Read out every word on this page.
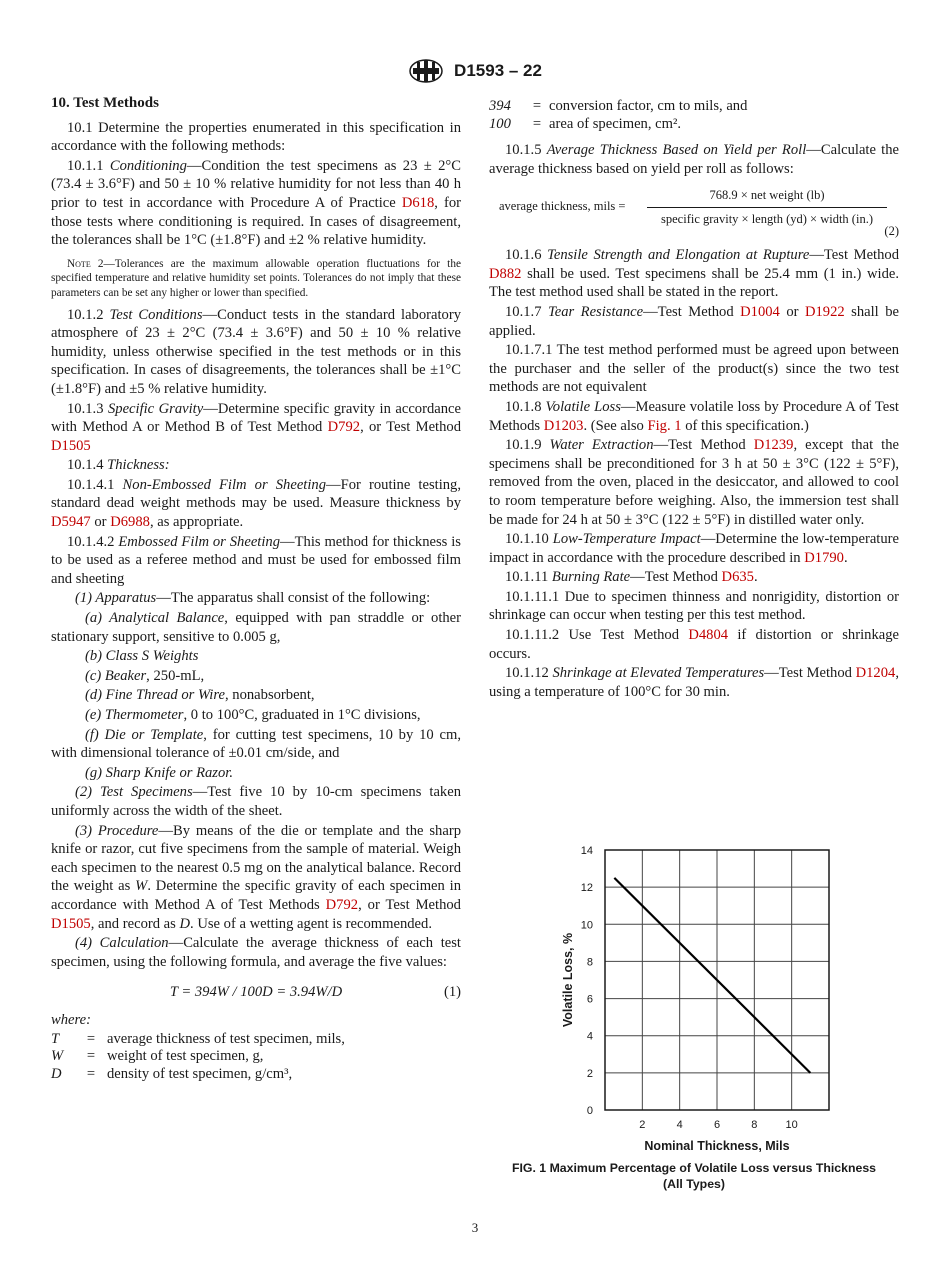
D1593 – 22

10. Test Methods

10.1 Determine the properties enumerated in this specification in accordance with the following methods:

10.1.1 Conditioning—Condition the test specimens as 23 ± 2°C (73.4 ± 3.6°F) and 50 ± 10 % relative humidity for not less than 40 h prior to test in accordance with Procedure A of Practice D618, for those tests where conditioning is required. In cases of disagreement, the tolerances shall be 1°C (±1.8°F) and ±2 % relative humidity.

Note 2—Tolerances are the maximum allowable operation fluctuations for the specified temperature and relative humidity set points. Tolerances do not imply that these parameters can be set any higher or lower than specified.

10.1.2 Test Conditions—Conduct tests in the standard laboratory atmosphere of 23 ± 2°C (73.4 ± 3.6°F) and 50 ± 10 % relative humidity, unless otherwise specified in the test methods or in this specification. In cases of disagreements, the tolerances shall be ±1°C (±1.8°F) and ±5 % relative humidity.

10.1.3 Specific Gravity—Determine specific gravity in accordance with Method A or Method B of Test Method D792, or Test Method D1505

10.1.4 Thickness:

10.1.4.1 Non-Embossed Film or Sheeting—For routine testing, standard dead weight methods may be used. Measure thickness by D5947 or D6988, as appropriate.

10.1.4.2 Embossed Film or Sheeting—This method for thickness is to be used as a referee method and must be used for embossed film and sheeting

(1) Apparatus—The apparatus shall consist of the following:

(a) Analytical Balance, equipped with pan straddle or other stationary support, sensitive to 0.005 g,

(b) Class S Weights

(c) Beaker, 250-mL,

(d) Fine Thread or Wire, nonabsorbent,

(e) Thermometer, 0 to 100°C, graduated in 1°C divisions,

(f) Die or Template, for cutting test specimens, 10 by 10 cm, with dimensional tolerance of ±0.01 cm/side, and

(g) Sharp Knife or Razor.

(2) Test Specimens—Test five 10 by 10-cm specimens taken uniformly across the width of the sheet.

(3) Procedure—By means of the die or template and the sharp knife or razor, cut five specimens from the sample of material. Weigh each specimen to the nearest 0.5 mg on the analytical balance. Record the weight as W. Determine the specific gravity of each specimen in accordance with Method A of Test Methods D792, or Test Method D1505, and record as D. Use of a wetting agent is recommended.

(4) Calculation—Calculate the average thickness of each test specimen, using the following formula, and average the five values:

T = 394W / 100D = 3.94W/D	(1)

where:

T	=	average thickness of test specimen, mils,
W	=	weight of test specimen, g,
D	=	density of test specimen, g/cm³,
394	=	conversion factor, cm to mils, and
100	=	area of specimen, cm².

10.1.5 Average Thickness Based on Yield per Roll—Calculate the average thickness based on yield per roll as follows:

average thickness, mils =
768.9 × net weight (lb)
specific gravity × length (yd) × width (in.)
(2)

10.1.6 Tensile Strength and Elongation at Rupture—Test Method D882 shall be used. Test specimens shall be 25.4 mm (1 in.) wide. The test method used shall be stated in the report.

10.1.7 Tear Resistance—Test Method D1004 or D1922 shall be applied.

10.1.7.1 The test method performed must be agreed upon between the purchaser and the seller of the product(s) since the two test methods are not equivalent

10.1.8 Volatile Loss—Measure volatile loss by Procedure A of Test Methods D1203. (See also Fig. 1 of this specification.)

10.1.9 Water Extraction—Test Method D1239, except that the specimens shall be preconditioned for 3 h at 50 ± 3°C (122 ± 5°F), removed from the oven, placed in the desiccator, and allowed to cool to room temperature before weighing. Also, the immersion test shall be made for 24 h at 50 ± 3°C (122 ± 5°F) in distilled water only.

10.1.10 Low-Temperature Impact—Determine the low-temperature impact in accordance with the procedure described in D1790.

10.1.11 Burning Rate—Test Method D635.

10.1.11.1 Due to specimen thinness and nonrigidity, distortion or shrinkage can occur when testing per this test method.

10.1.11.2 Use Test Method D4804 if distortion or shrinkage occurs.

10.1.12 Shrinkage at Elevated Temperatures—Test Method D1204, using a temperature of 100°C for 30 min.

0
2
4
6
8
10
12
14
2	4	6	8	10
Nominal Thickness, Mils
Volatile Loss, %
FIG. 1 Maximum Percentage of Volatile Loss versus Thickness
(All Types)
3
